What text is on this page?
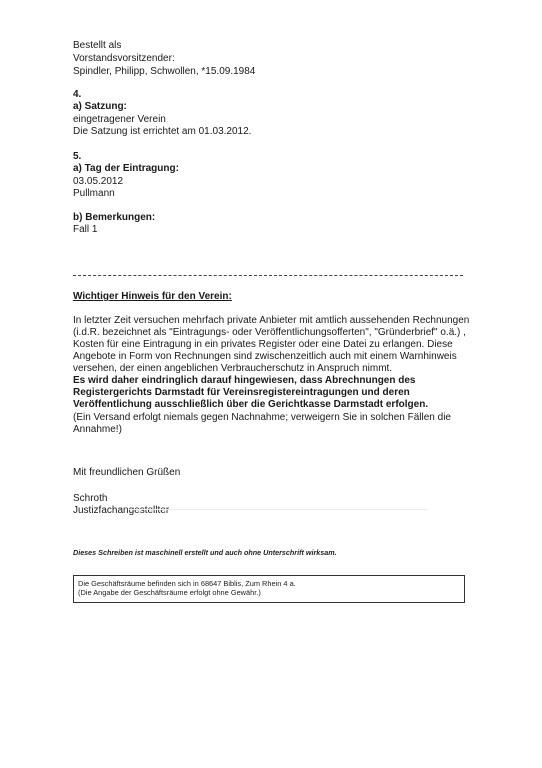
Bestellt als
Vorstandsvorsitzender:
Spindler, Philipp, Schwollen, *15.09.1984
4.
a) Satzung:
eingetragener Verein
Die Satzung ist errichtet am 01.03.2012.
5.
a) Tag der Eintragung:
03.05.2012
Pullmann
b) Bemerkungen:
Fall 1
Wichtiger Hinweis für den Verein:
In letzter Zeit versuchen mehrfach private Anbieter mit amtlich aussehenden Rechnungen
(i.d.R. bezeichnet als "Eintragungs- oder Veröffentlichungsofferten", "Gründerbrief" o.ä.) ,
Kosten für eine Eintragung in ein privates Register oder eine Datei zu erlangen. Diese
Angebote in Form von Rechnungen sind zwischenzeitlich auch mit einem Warnhinweis
versehen, der einen angeblichen Verbraucherschutz in Anspruch nimmt.
Es wird daher eindringlich darauf hingewiesen, dass Abrechnungen des
Registergerichts Darmstadt für Vereinsregistereintragungen und deren
Veröffentlichung ausschließlich über die Gerichtkasse Darmstadt erfolgen.
(Ein Versand erfolgt niemals gegen Nachnahme; verweigern Sie in solchen Fällen die
Annahme!)
Mit freundlichen Grüßen
Schroth
Justizfachangestellter
Dieses Schreiben ist maschinell erstellt und auch ohne Unterschrift wirksam.
Die Geschäftsräume befinden sich in 68647 Biblis, Zum Rhein 4 a.
(Die Angabe der Geschäftsräume erfolgt ohne Gewähr.)
